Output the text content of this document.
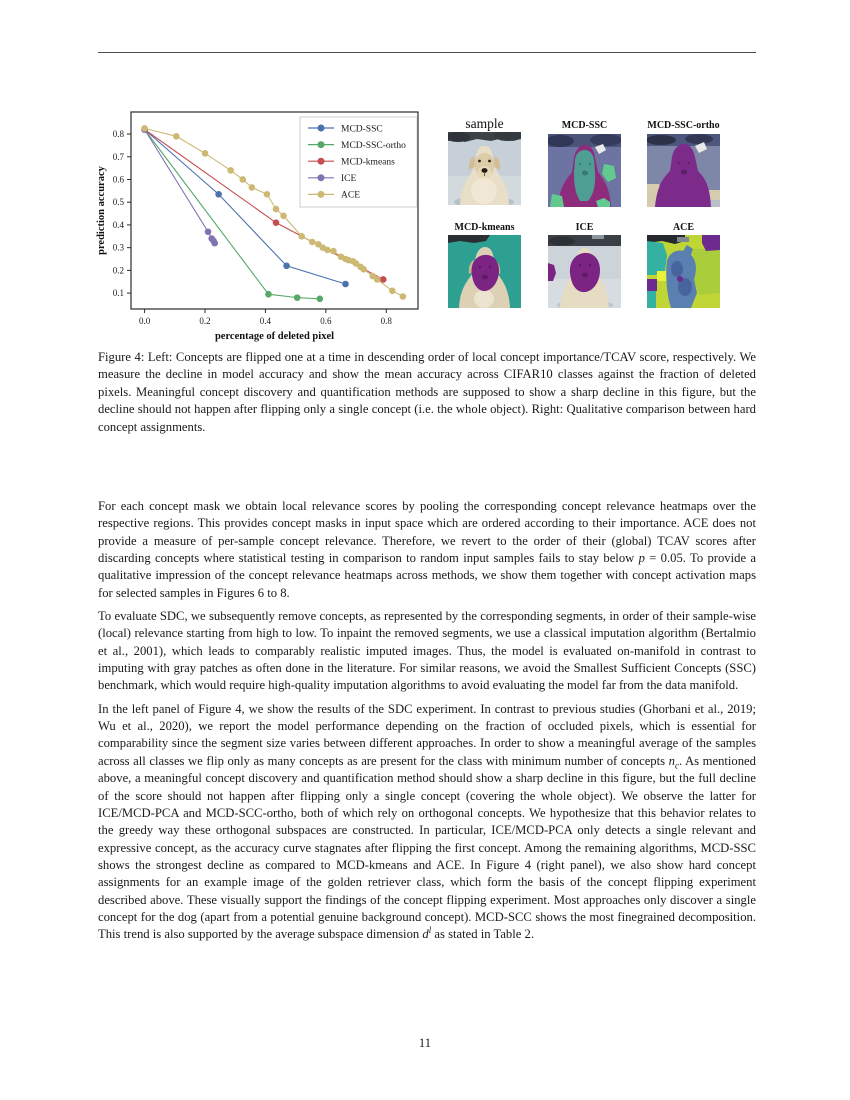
0.0	0.2	0.4	0.6	0.8
0.1
0.2
0.3
0.4
0.5
0.6
0.7
0.8
percentage of deleted pixel
prediction accuracy
MCD-SSC
MCD-SSC-ortho
MCD-kmeans
ICE
ACE
sample	MCD-SSC	MCD-SSC-ortho
MCD-kmeans	ICE	ACE
Figure 4: Left: Concepts are flipped one at a time in descending order of local concept importance/TCAV score, respectively. We measure the decline in model accuracy and show the mean accuracy across CIFAR10 classes against the fraction of deleted pixels. Meaningful concept discovery and quantification methods are supposed to show a sharp decline in this figure, but the decline should not happen after flipping only a single concept (i.e. the whole object). Right: Qualitative comparison between hard concept assignments.

For each concept mask we obtain local relevance scores by pooling the corresponding concept relevance heatmaps over the respective regions. This provides concept masks in input space which are ordered according to their importance. ACE does not provide a measure of per-sample concept relevance. Therefore, we revert to the order of their (global) TCAV scores after discarding concepts where statistical testing in comparison to random input samples fails to stay below p = 0.05. To provide a qualitative impression of the concept relevance heatmaps across methods, we show them together with concept activation maps for selected samples in Figures 6 to 8.

To evaluate SDC, we subsequently remove concepts, as represented by the corresponding segments, in order of their sample-wise (local) relevance starting from high to low. To inpaint the removed segments, we use a classical imputation algorithm (Bertalmio et al., 2001), which leads to comparably realistic imputed images. Thus, the model is evaluated on-manifold in contrast to imputing with gray patches as often done in the literature. For similar reasons, we avoid the Smallest Sufficient Concepts (SSC) benchmark, which would require high-quality imputation algorithms to avoid evaluating the model far from the data manifold.

In the left panel of Figure 4, we show the results of the SDC experiment. In contrast to previous studies (Ghorbani et al., 2019; Wu et al., 2020), we report the model performance depending on the fraction of occluded pixels, which is essential for comparability since the segment size varies between different approaches. In order to show a meaningful average of the samples across all classes we flip only as many concepts as are present for the class with minimum number of concepts $n_c$. As mentioned above, a meaningful concept discovery and quantification method should show a sharp decline in this figure, but the full decline of the score should not happen after flipping only a single concept (covering the whole object). We observe the latter for ICE/MCD-PCA and MCD-SCC-ortho, both of which rely on orthogonal concepts. We hypothesize that this behavior relates to the greedy way these orthogonal subspaces are constructed. In particular, ICE/MCD-PCA only detects a single relevant and expressive concept, as the accuracy curve stagnates after flipping the first concept. Among the remaining algorithms, MCD-SSC shows the strongest decline as compared to MCD-kmeans and ACE. In Figure 4 (right panel), we also show hard concept assignments for an example image of the golden retriever class, which form the basis of the concept flipping experiment described above. These visually support the findings of the concept flipping experiment. Most approaches only discover a single concept for the dog (apart from a potential genuine background concept). MCD-SCC shows the most finegrained decomposition. This trend is also supported by the average subspace dimension $d^l$ as stated in Table 2.

11
